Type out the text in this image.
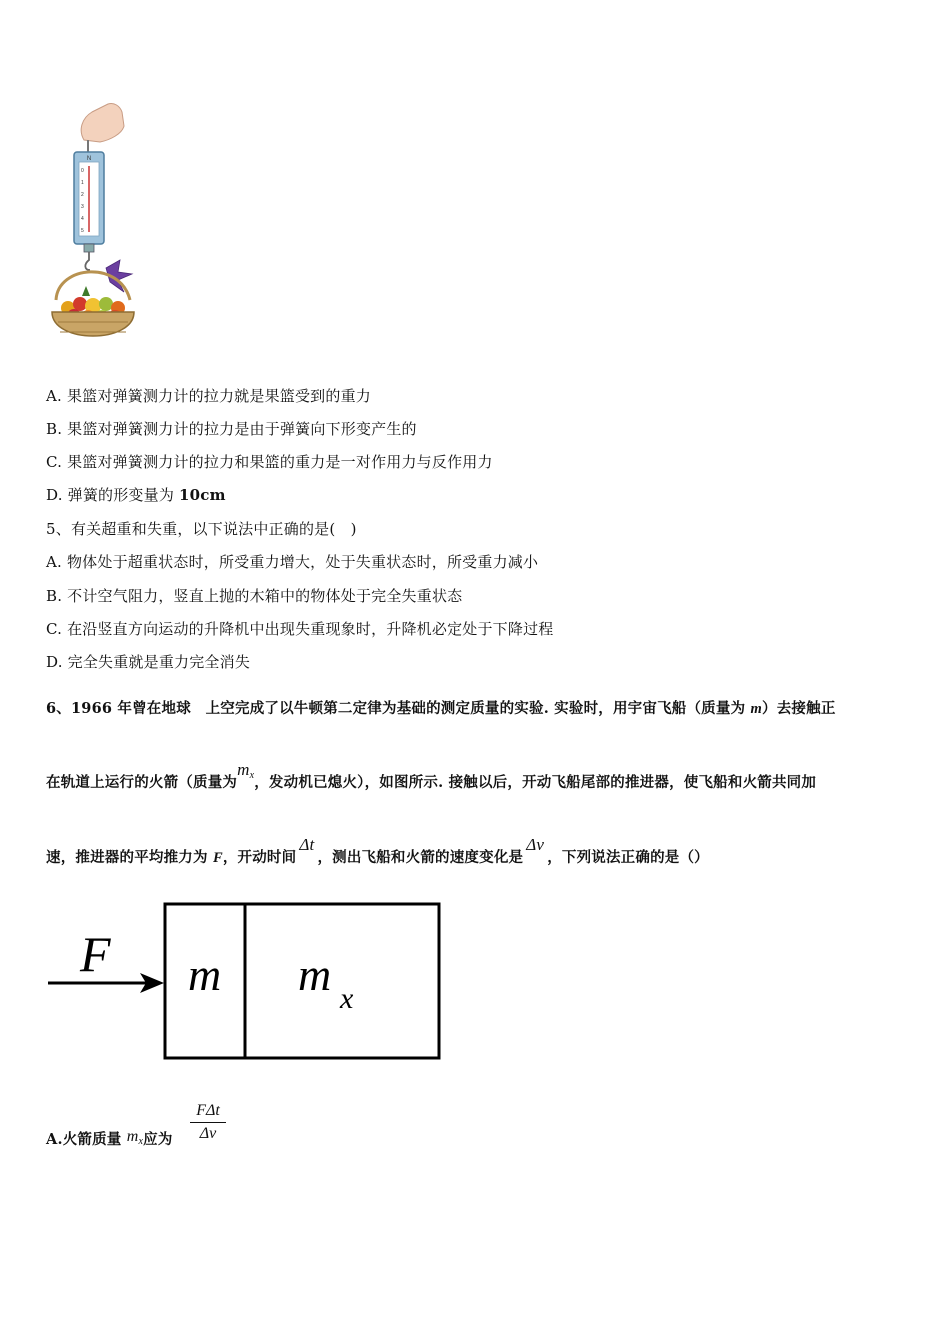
N
0
1
2
3
4
5
A. 果篮对弹簧测力计的拉力就是果篮受到的重力
B. 果篮对弹簧测力计的拉力是由于弹簧向下形变产生的
C. 果篮对弹簧测力计的拉力和果篮的重力是一对作用力与反作用力
D. 弹簧的形变量为 10cm
5、有关超重和失重，以下说法中正确的是(　)
A. 物体处于超重状态时，所受重力增大，处于失重状态时，所受重力减小
B. 不计空气阻力，竖直上抛的木箱中的物体处于完全失重状态
C. 在沿竖直方向运动的升降机中出现失重现象时，升降机必定处于下降过程
D. 完全失重就是重力完全消失
6、1966 年曾在地球　上空完成了以牛顿第二定律为基础的测定质量的实验. 实验时，用宇宙飞船（质量为 m）去接触正
在轨道上运行的火箭（质量为$m_x$，发动机已熄火），如图所示. 接触以后，开动飞船尾部的推进器，使飞船和火箭共同加
速，推进器的平均推力为 F，开动时间Δt，测出飞船和火箭的速度变化是Δv，下列说法正确的是（）
F m m x
A.火箭质量 $m_x$应为
FΔt
Δv
